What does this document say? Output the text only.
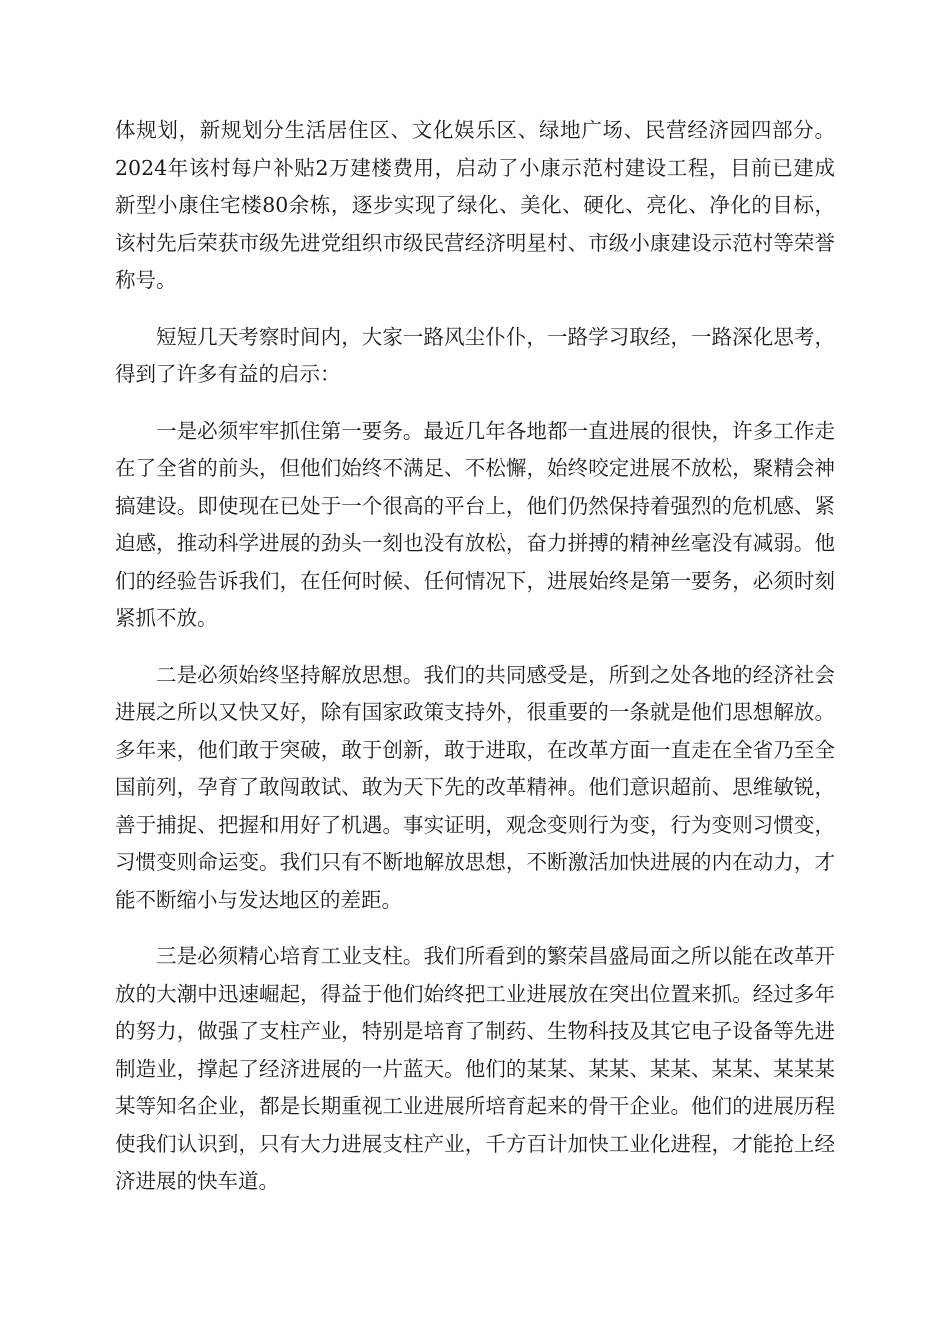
体规划，新规划分生活居住区、文化娱乐区、绿地广场、民营经济园四部分。2024年该村每户补贴2万建楼费用，启动了小康示范村建设工程，目前已建成新型小康住宅楼80余栋，逐步实现了绿化、美化、硬化、亮化、净化的目标，该村先后荣获市级先进党组织市级民营经济明星村、市级小康建设示范村等荣誉称号。

短短几天考察时间内，大家一路风尘仆仆，一路学习取经，一路深化思考，得到了许多有益的启示：

一是必须牢牢抓住第一要务。最近几年各地都一直进展的很快，许多工作走在了全省的前头，但他们始终不满足、不松懈，始终咬定进展不放松，聚精会神搞建设。即使现在已处于一个很高的平台上，他们仍然保持着强烈的危机感、紧迫感，推动科学进展的劲头一刻也没有放松，奋力拼搏的精神丝毫没有减弱。他们的经验告诉我们，在任何时候、任何情况下，进展始终是第一要务，必须时刻紧抓不放。

二是必须始终坚持解放思想。我们的共同感受是，所到之处各地的经济社会进展之所以又快又好，除有国家政策支持外，很重要的一条就是他们思想解放。多年来，他们敢于突破，敢于创新，敢于进取，在改革方面一直走在全省乃至全国前列，孕育了敢闯敢试、敢为天下先的改革精神。他们意识超前、思维敏锐，善于捕捉、把握和用好了机遇。事实证明，观念变则行为变，行为变则习惯变，习惯变则命运变。我们只有不断地解放思想，不断激活加快进展的内在动力，才能不断缩小与发达地区的差距。

三是必须精心培育工业支柱。我们所看到的繁荣昌盛局面之所以能在改革开放的大潮中迅速崛起，得益于他们始终把工业进展放在突出位置来抓。经过多年的努力，做强了支柱产业，特别是培育了制药、生物科技及其它电子设备等先进制造业，撑起了经济进展的一片蓝天。他们的某某、某某、某某、某某、某某某某等知名企业，都是长期重视工业进展所培育起来的骨干企业。他们的进展历程使我们认识到，只有大力进展支柱产业，千方百计加快工业化进程，才能抢上经济进展的快车道。
